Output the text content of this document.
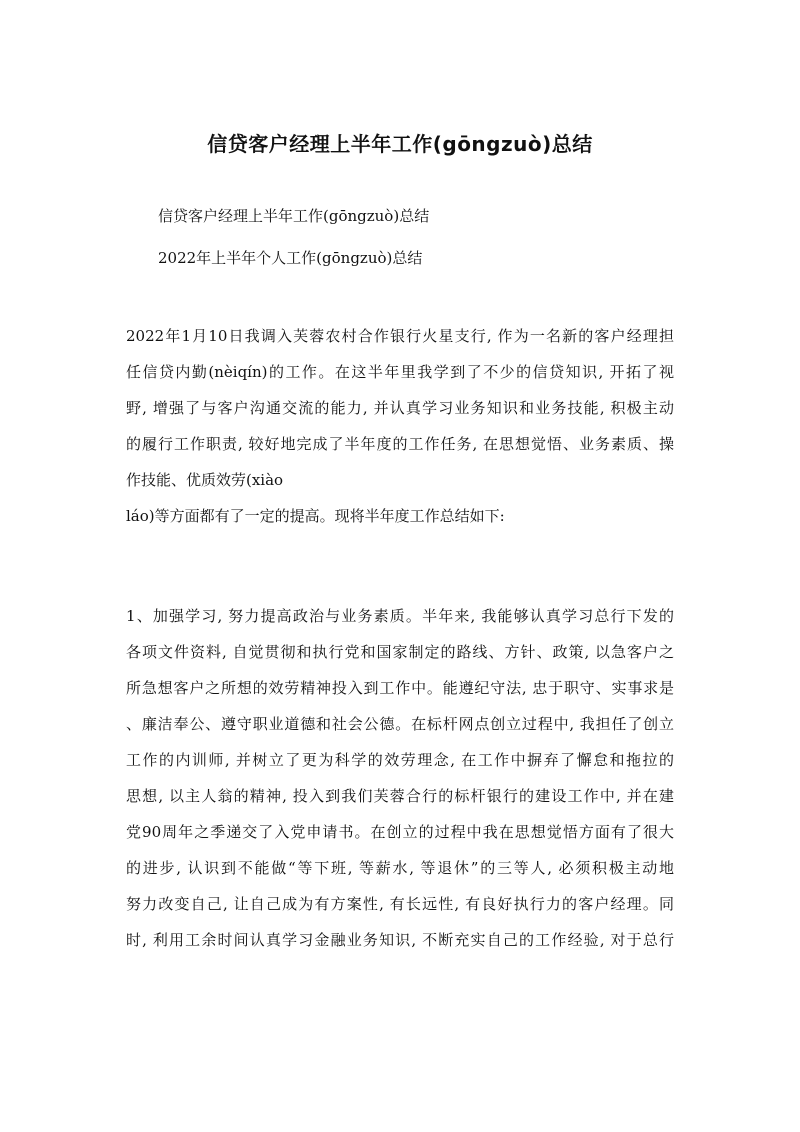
信贷客户经理上半年工作(gōngzuò)总结
信贷客户经理上半年工作(gōngzuò)总结
2022年上半年个人工作(gōngzuò)总结
2022年1月10日我调入芙蓉农村合作银行火星支行, 作为一名新的客户经理担
任信贷内勤(nèiqín)的工作。在这半年里我学到了不少的信贷知识, 开拓了视
野, 增强了与客户沟通交流的能力, 并认真学习业务知识和业务技能, 积极主动
的履行工作职责, 较好地完成了半年度的工作任务, 在思想觉悟、业务素质、操
作技能、优质效劳(xiào
láo)等方面都有了一定的提高。现将半年度工作总结如下:
1、加强学习, 努力提高政治与业务素质。半年来, 我能够认真学习总行下发的
各项文件资料, 自觉贯彻和执行党和国家制定的路线、方针、政策, 以急客户之
所急想客户之所想的效劳精神投入到工作中。能遵纪守法, 忠于职守、实事求是
、廉洁奉公、遵守职业道德和社会公德。在标杆网点创立过程中, 我担任了创立
工作的内训师, 并树立了更为科学的效劳理念, 在工作中摒弃了懈怠和拖拉的
思想, 以主人翁的精神, 投入到我们芙蓉合行的标杆银行的建设工作中, 并在建
党90周年之季递交了入党申请书。在创立的过程中我在思想觉悟方面有了很大
的进步, 认识到不能做“等下班, 等薪水, 等退休”的三等人, 必须积极主动地
努力改变自己, 让自己成为有方案性, 有长远性, 有良好执行力的客户经理。同
时, 利用工余时间认真学习金融业务知识, 不断充实自己的工作经验, 对于总行
